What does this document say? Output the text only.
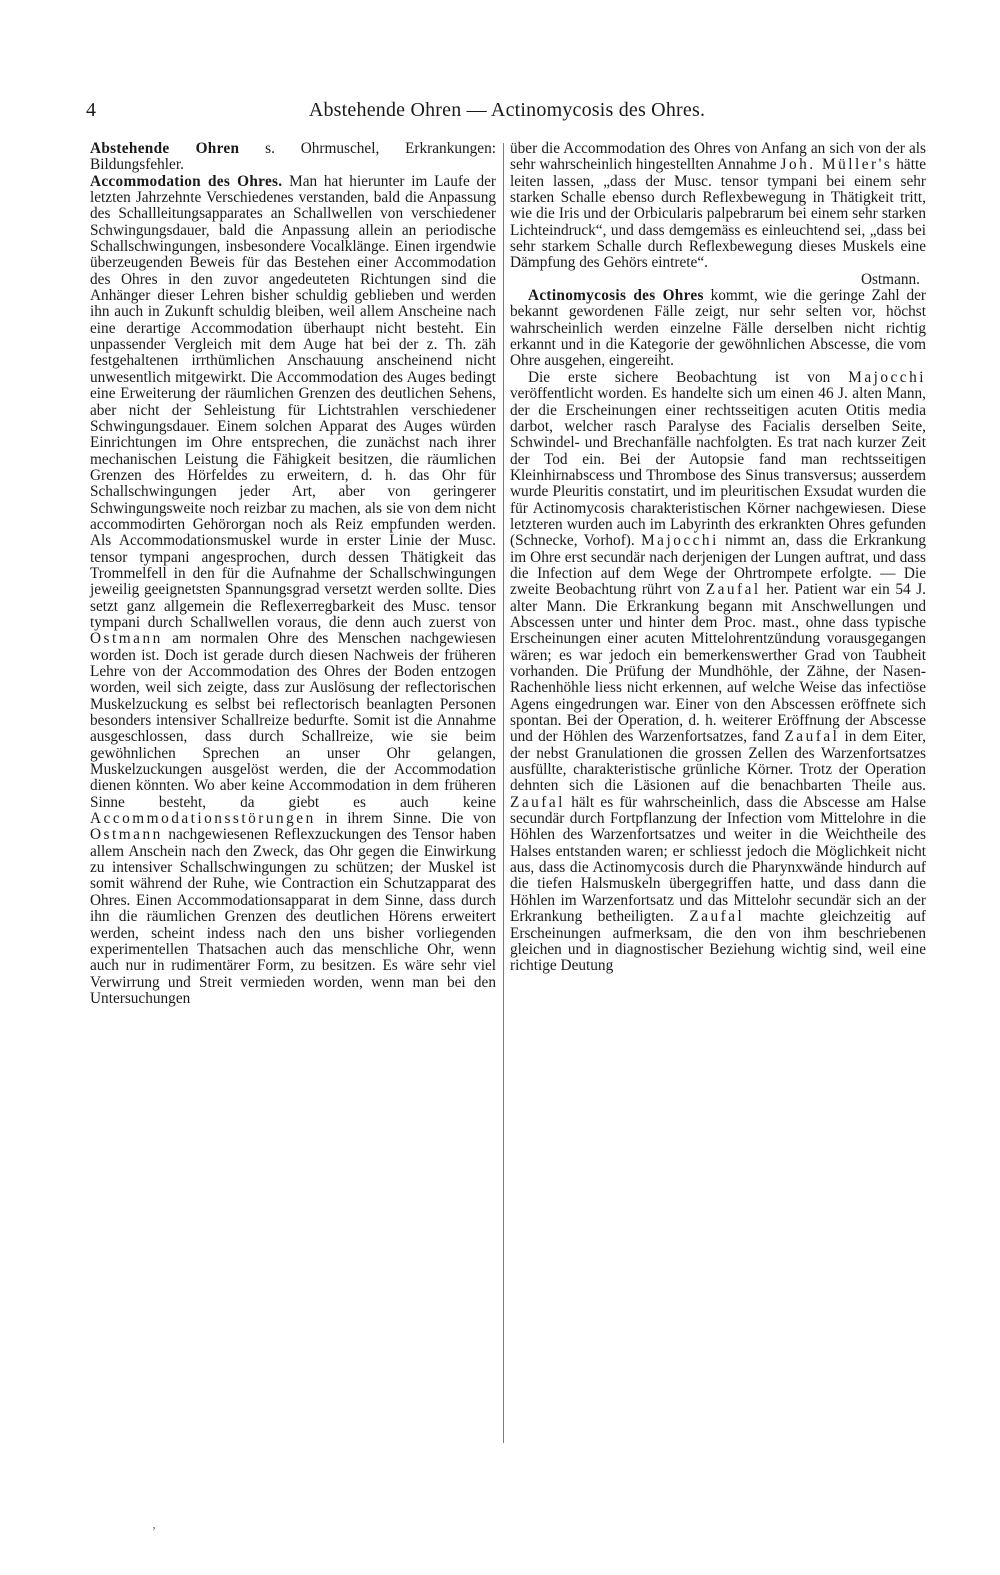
4	Abstehende Ohren — Actinomycosis des Ohres.

Abstehende Ohren s. Ohrmuschel, Erkrankungen: Bildungsfehler.

Accommodation des Ohres. Man hat hierunter im Laufe der letzten Jahrzehnte Verschiedenes verstanden, bald die Anpassung des Schallleitungsapparates an Schallwellen von verschiedener Schwingungsdauer, bald die Anpassung allein an periodische Schallschwingungen, insbesondere Vocalklänge. Einen irgendwie überzeugenden Beweis für das Bestehen einer Accommodation des Ohres in den zuvor angedeuteten Richtungen sind die Anhänger dieser Lehren bisher schuldig geblieben und werden ihn auch in Zukunft schuldig bleiben, weil allem Anscheine nach eine derartige Accommodation überhaupt nicht besteht. Ein unpassender Vergleich mit dem Auge hat bei der z. Th. zäh festgehaltenen irrthümlichen Anschauung anscheinend nicht unwesentlich mitgewirkt. Die Accommodation des Auges bedingt eine Erweiterung der räumlichen Grenzen des deutlichen Sehens, aber nicht der Sehleistung für Lichtstrahlen verschiedener Schwingungsdauer. Einem solchen Apparat des Auges würden Einrichtungen im Ohre entsprechen, die zunächst nach ihrer mechanischen Leistung die Fähigkeit besitzen, die räumlichen Grenzen des Hörfeldes zu erweitern, d. h. das Ohr für Schallschwingungen jeder Art, aber von geringerer Schwingungsweite noch reizbar zu machen, als sie von dem nicht accommodirten Gehörorgan noch als Reiz empfunden werden. Als Accommodationsmuskel wurde in erster Linie der Musc. tensor tympani angesprochen, durch dessen Thätigkeit das Trommelfell in den für die Aufnahme der Schallschwingungen jeweilig geeignetsten Spannungsgrad versetzt werden sollte. Dies setzt ganz allgemein die Reflexerregbarkeit des Musc. tensor tympani durch Schallwellen voraus, die denn auch zuerst von Ostmann am normalen Ohre des Menschen nachgewiesen worden ist. Doch ist gerade durch diesen Nachweis der früheren Lehre von der Accommodation des Ohres der Boden entzogen worden, weil sich zeigte, dass zur Auslösung der reflectorischen Muskelzuckung es selbst bei reflectorisch beanlagten Personen besonders intensiver Schallreize bedurfte. Somit ist die Annahme ausgeschlossen, dass durch Schallreize, wie sie beim gewöhnlichen Sprechen an unser Ohr gelangen, Muskelzuckungen ausgelöst werden, die der Accommodation dienen könnten. Wo aber keine Accommodation in dem früheren Sinne besteht, da giebt es auch keine Accommodationsstörungen in ihrem Sinne. Die von Ostmann nachgewiesenen Reflexzuckungen des Tensor haben allem Anschein nach den Zweck, das Ohr gegen die Einwirkung zu intensiver Schallschwingungen zu schützen; der Muskel ist somit während der Ruhe, wie Contraction ein Schutzapparat des Ohres. Einen Accommodationsapparat in dem Sinne, dass durch ihn die räumlichen Grenzen des deutlichen Hörens erweitert werden, scheint indess nach den uns bisher vorliegenden experimentellen Thatsachen auch das menschliche Ohr, wenn auch nur in rudimentärer Form, zu besitzen. Es wäre sehr viel Verwirrung und Streit vermieden worden, wenn man bei den Untersuchungen

über die Accommodation des Ohres von Anfang an sich von der als sehr wahrscheinlich hingestellten Annahme Joh. Müller's hätte leiten lassen, „dass der Musc. tensor tympani bei einem sehr starken Schalle ebenso durch Reflexbewegung in Thätigkeit tritt, wie die Iris und der Orbicularis palpebrarum bei einem sehr starken Lichteindruck“, und dass demgemäss es einleuchtend sei, „dass bei sehr starkem Schalle durch Reflexbewegung dieses Muskels eine Dämpfung des Gehörs eintrete“.

Ostmann.

Actinomycosis des Ohres kommt, wie die geringe Zahl der bekannt gewordenen Fälle zeigt, nur sehr selten vor, höchst wahrscheinlich werden einzelne Fälle derselben nicht richtig erkannt und in die Kategorie der gewöhnlichen Abscesse, die vom Ohre ausgehen, eingereiht.

Die erste sichere Beobachtung ist von Majocchi veröffentlicht worden. Es handelte sich um einen 46 J. alten Mann, der die Erscheinungen einer rechtsseitigen acuten Otitis media darbot, welcher rasch Paralyse des Facialis derselben Seite, Schwindel- und Brechanfälle nachfolgten. Es trat nach kurzer Zeit der Tod ein. Bei der Autopsie fand man rechtsseitigen Kleinhirnabscess und Thrombose des Sinus transversus; ausserdem wurde Pleuritis constatirt, und im pleuritischen Exsudat wurden die für Actinomycosis charakteristischen Körner nachgewiesen. Diese letzteren wurden auch im Labyrinth des erkrankten Ohres gefunden (Schnecke, Vorhof). Majocchi nimmt an, dass die Erkrankung im Ohre erst secundär nach derjenigen der Lungen auftrat, und dass die Infection auf dem Wege der Ohrtrompete erfolgte. — Die zweite Beobachtung rührt von Zaufal her. Patient war ein 54 J. alter Mann. Die Erkrankung begann mit Anschwellungen und Abscessen unter und hinter dem Proc. mast., ohne dass typische Erscheinungen einer acuten Mittelohrentzündung vorausgegangen wären; es war jedoch ein bemerkenswerther Grad von Taubheit vorhanden. Die Prüfung der Mundhöhle, der Zähne, der Nasen-Rachenhöhle liess nicht erkennen, auf welche Weise das infectiöse Agens eingedrungen war. Einer von den Abscessen eröffnete sich spontan. Bei der Operation, d. h. weiterer Eröffnung der Abscesse und der Höhlen des Warzenfortsatzes, fand Zaufal in dem Eiter, der nebst Granulationen die grossen Zellen des Warzenfortsatzes ausfüllte, charakteristische grünliche Körner. Trotz der Operation dehnten sich die Läsionen auf die benachbarten Theile aus. Zaufal hält es für wahrscheinlich, dass die Abscesse am Halse secundär durch Fortpflanzung der Infection vom Mittelohre in die Höhlen des Warzenfortsatzes und weiter in die Weichtheile des Halses entstanden waren; er schliesst jedoch die Möglichkeit nicht aus, dass die Actinomycosis durch die Pharynxwände hindurch auf die tiefen Halsmuskeln übergegriffen hatte, und dass dann die Höhlen im Warzenfortsatz und das Mittelohr secundär sich an der Erkrankung betheiligten. Zaufal machte gleichzeitig auf Erscheinungen aufmerksam, die den von ihm beschriebenen gleichen und in diagnostischer Beziehung wichtig sind, weil eine richtige Deutung

‚
